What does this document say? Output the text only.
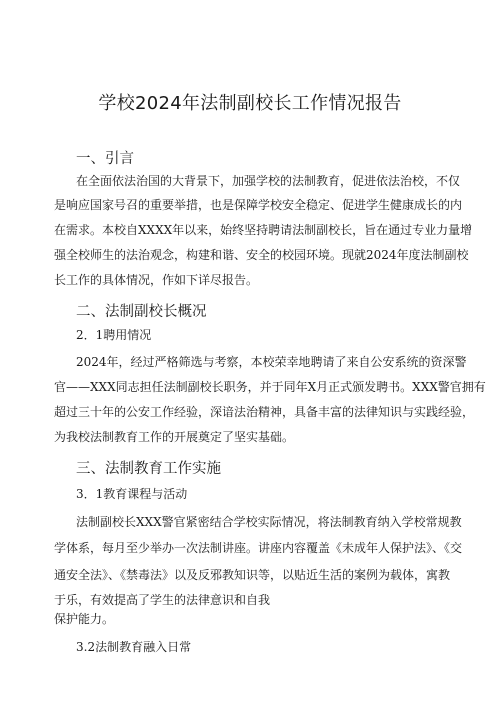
学校2024年法制副校长工作情况报告
一、引言
在全面依法治国的大背景下，加强学校的法制教育，促进依法治校，不仅
是响应国家号召的重要举措，也是保障学校安全稳定、促进学生健康成长的内
在需求。本校自XXXX年以来，始终坚持聘请法制副校长，旨在通过专业力量增
强全校师生的法治观念，构建和谐、安全的校园环境。现就2024年度法制副校
长工作的具体情况，作如下详尽报告。
二、法制副校长概况
2．1聘用情况
2024年，经过严格筛选与考察，本校荣幸地聘请了来自公安系统的资深警
官——XXX同志担任法制副校长职务，并于同年X月正式颁发聘书。XXX警官拥有
超过三十年的公安工作经验，深谙法治精神，具备丰富的法律知识与实践经验，
为我校法制教育工作的开展奠定了坚实基础。
三、法制教育工作实施
3．1教育课程与活动
法制副校长XXX警官紧密结合学校实际情况，将法制教育纳入学校常规教
学体系，每月至少举办一次法制讲座。讲座内容覆盖《未成年人保护法》、《交
通安全法》、《禁毒法》以及反邪教知识等，以贴近生活的案例为载体，寓教
于乐，有效提高了学生的法律意识和自我
保护能力。
3.2法制教育融入日常
